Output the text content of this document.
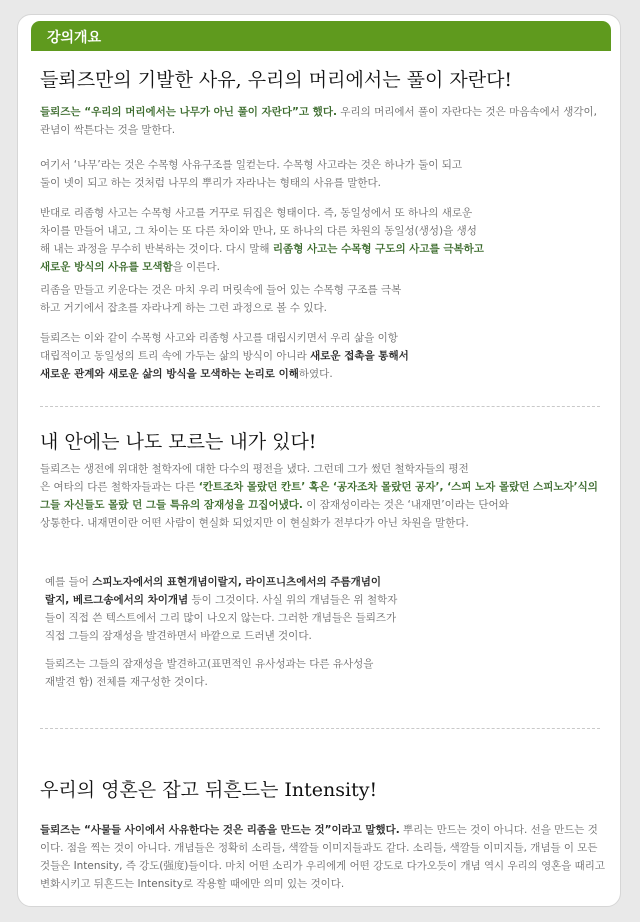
강의개요
들뢰즈만의 기발한 사유, 우리의 머리에서는 풀이 자란다!

들뢰즈는 “우리의 머리에서는 나무가 아닌 풀이 자란다”고 했다. 우리의 머리에서 풀이 자란다는 것은 마음속에서 생각이,
관념이 싹튼다는 것을 말한다.

여기서 ‘나무’라는 것은 수목형 사유구조를 일컫는다. 수목형 사고라는 것은 하나가 둘이 되고
둘이 넷이 되고 하는 것처럼 나무의 뿌리가 자라나는 형태의 사유를 말한다.

반대로 리좀형 사고는 수목형 사고를 거꾸로 뒤집은 형태이다. 즉, 동일성에서 또 하나의 새로운
차이를 만들어 내고, 그 차이는 또 다른 차이와 만나, 또 하나의 다른 차원의 동일성(생성)을 생성
해 내는 과정을 무수히 반복하는 것이다. 다시 말해 리좀형 사고는 수목형 구도의 사고를 극복하고
새로운 방식의 사유를 모색함을 이른다.

리좀을 만들고 키운다는 것은 마치 우리 머릿속에 들어 있는 수목형 구조를 극복
하고 거기에서 잡초를 자라나게 하는 그런 과정으로 볼 수 있다.

들뢰즈는 이와 같이 수목형 사고와 리좀형 사고를 대립시키면서 우리 삶을 이항
대립적이고 동일성의 트리 속에 가두는 삶의 방식이 아니라 새로운 접촉을 통해서
새로운 관계와 새로운 삶의 방식을 모색하는 논리로 이해하였다.

내 안에는 나도 모르는 내가 있다!

들뢰즈는 생전에 위대한 철학자에 대한 다수의 평전을 냈다. 그런데 그가 썼던 철학자들의 평전
은 여타의 다른 철학자들과는 다른 ‘칸트조차 몰랐던 칸트’ 혹은 ‘공자조차 몰랐던 공자’, ‘스피 노자 몰랐던 스피노자’식의
그들 자신들도 몰랐 던 그들 특유의 잠재성을 끄집어냈다. 이 잠재성이라는 것은 ‘내재면’이라는 단어와
상통한다. 내재면이란 어떤 사람이 현실화 되었지만 이 현실화가 전부다가 아닌 차원을 말한다.

예를 들어 스피노자에서의 표현개념이랄지, 라이프니츠에서의 주름개념이
랄지, 베르그송에서의 차이개념 등이 그것이다. 사실 위의 개념들은 위 철학자
들이 직접 쓴 텍스트에서 그리 많이 나오지 않는다. 그러한 개념들은 들뢰즈가
직접 그들의 잠재성을 발견하면서 바깥으로 드러낸 것이다.

들뢰즈는 그들의 잠재성을 발견하고(표면적인 유사성과는 다른 유사성을
재발견 함) 전체를 재구성한 것이다.

우리의 영혼은 잡고 뒤흔드는 Intensity!

들뢰즈는 “사물들 사이에서 사유한다는 것은 리좀을 만드는 것”이라고 말했다. 뿌리는 만드는 것이 아니다. 선을 만드는 것
이다. 점을 찍는 것이 아니다. 개념들은 정확히 소리들, 색깔들 이미지들과도 같다. 소리들, 색깔들 이미지들, 개념들 이 모든
것들은 Intensity, 즉 강도(强度)들이다. 마치 어떤 소리가 우리에게 어떤 강도로 다가오듯이 개념 역시 우리의 영혼을 때리고
변화시키고 뒤흔드는 Intensity로 작용할 때에만 의미 있는 것이다.
